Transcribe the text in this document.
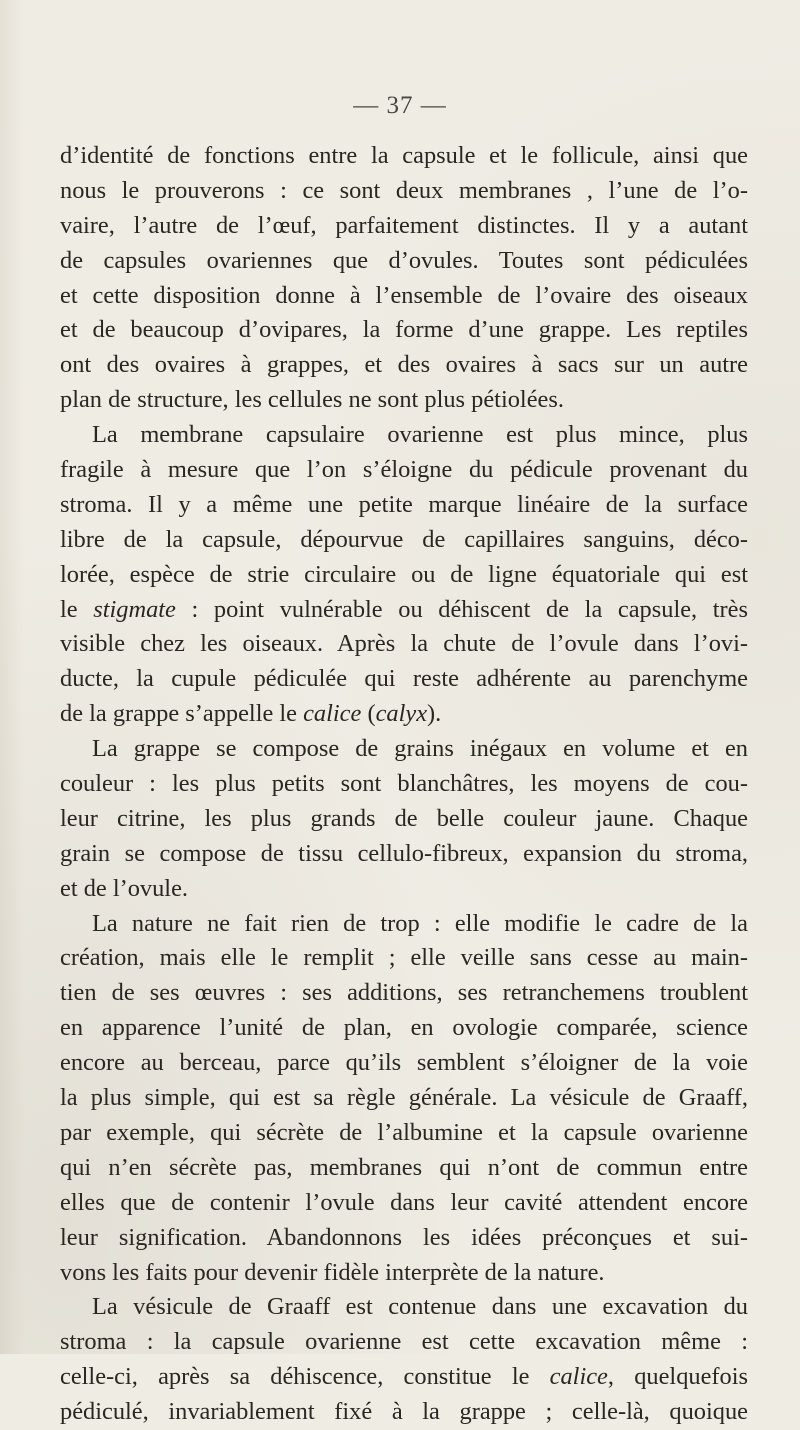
— 37 —
d’identité de fonctions entre la capsule et le follicule, ainsi que
nous le prouverons : ce sont deux membranes , l’une de l’o-
vaire, l’autre de l’œuf, parfaitement distinctes. Il y a autant
de capsules ovariennes que d’ovules. Toutes sont pédiculées
et cette disposition donne à l’ensemble de l’ovaire des oiseaux
et de beaucoup d’ovipares, la forme d’une grappe. Les reptiles
ont des ovaires à grappes, et des ovaires à sacs sur un autre
plan de structure, les cellules ne sont plus pétiolées.
La membrane capsulaire ovarienne est plus mince, plus
fragile à mesure que l’on s’éloigne du pédicule provenant du
stroma. Il y a même une petite marque linéaire de la surface
libre de la capsule, dépourvue de capillaires sanguins, déco-
lorée, espèce de strie circulaire ou de ligne équatoriale qui est
le stigmate : point vulnérable ou déhiscent de la capsule, très
visible chez les oiseaux. Après la chute de l’ovule dans l’ovi-
ducte, la cupule pédiculée qui reste adhérente au parenchyme
de la grappe s’appelle le calice (calyx).
La grappe se compose de grains inégaux en volume et en
couleur : les plus petits sont blanchâtres, les moyens de cou-
leur citrine, les plus grands de belle couleur jaune. Chaque
grain se compose de tissu cellulo-fibreux, expansion du stroma,
et de l’ovule.
La nature ne fait rien de trop : elle modifie le cadre de la
création, mais elle le remplit ; elle veille sans cesse au main-
tien de ses œuvres : ses additions, ses retranchemens troublent
en apparence l’unité de plan, en ovologie comparée, science
encore au berceau, parce qu’ils semblent s’éloigner de la voie
la plus simple, qui est sa règle générale. La vésicule de Graaff,
par exemple, qui sécrète de l’albumine et la capsule ovarienne
qui n’en sécrète pas, membranes qui n’ont de commun entre
elles que de contenir l’ovule dans leur cavité attendent encore
leur signification. Abandonnons les idées préconçues et sui-
vons les faits pour devenir fidèle interprète de la nature.
La vésicule de Graaff est contenue dans une excavation du
stroma : la capsule ovarienne est cette excavation même :
celle-ci, après sa déhiscence, constitue le calice, quelquefois
pédiculé, invariablement fixé à la grappe ; celle-là, quoique
